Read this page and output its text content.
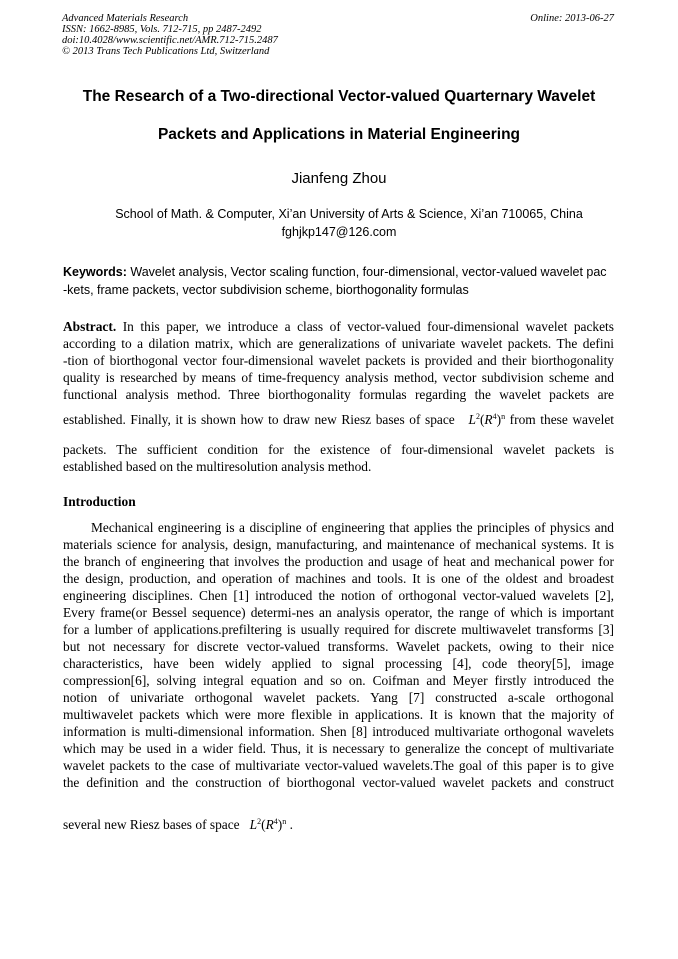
Advanced Materials Research
ISSN: 1662-8985, Vols. 712-715, pp 2487-2492
doi:10.4028/www.scientific.net/AMR.712-715.2487
© 2013 Trans Tech Publications Ltd, Switzerland
Online: 2013-06-27
The Research of a Two-directional Vector-valued Quarternary Wavelet
Packets and Applications in Material Engineering
Jianfeng Zhou
School of Math. & Computer, Xi’an University of Arts & Science, Xi’an 710065, China
fghjkp147@126.com
Keywords: Wavelet analysis, Vector scaling function, four-dimensional, vector-valued wavelet pac
-kets, frame packets, vector subdivision scheme, biorthogonality formulas
Abstract. In this paper, we introduce a class of vector-valued four-dimensional wavelet packets
according to a dilation matrix, which are generalizations of univariate wavelet packets. The defini
-tion of biorthogonal vector four-dimensional wavelet packets is provided and their biorthogonality
quality is researched by means of time-frequency analysis method, vector subdivision scheme and
functional analysis method. Three biorthogonality formulas regarding the wavelet packets are
established. Finally, it is shown how to draw new Riesz bases of space $L^2(R^4)^n$ from these wavelet
packets. The sufficient condition for the existence of four-dimensional wavelet packets is
established based on the multiresolution analysis method.
Introduction
Mechanical engineering is a discipline of engineering that applies the principles of physics and
materials science for analysis, design, manufacturing, and maintenance of mechanical systems. It is
the branch of engineering that involves the production and usage of heat and mechanical power for
the design, production, and operation of machines and tools. It is one of the oldest and broadest
engineering disciplines. Chen [1] introduced the notion of orthogonal vector-valued wavelets [2],
Every frame(or Bessel sequence) determi-nes an analysis operator, the range of which is important
for a lumber of applications.prefiltering is usually required for discrete multiwavelet transforms [3]
but not necessary for discrete vector-valued transforms. Wavelet packets, owing to their nice
characteristics, have been widely applied to signal processing [4], code theory[5], image
compression[6], solving integral equation and so on. Coifman and Meyer firstly introduced the
notion of univariate orthogonal wavelet packets. Yang [7] constructed a-scale orthogonal
multiwavelet packets which were more flexible in applications. It is known that the majority of
information is multi-dimensional information. Shen [8] introduced multivariate orthogonal wavelets
which may be used in a wider field. Thus, it is necessary to generalize the concept of multivariate
wavelet packets to the case of multivariate vector-valued wavelets.The goal of this paper is to give
the definition and the construction of biorthogonal vector-valued wavelet packets and construct
several new Riesz bases of space $L^2(R^4)^n$ .
